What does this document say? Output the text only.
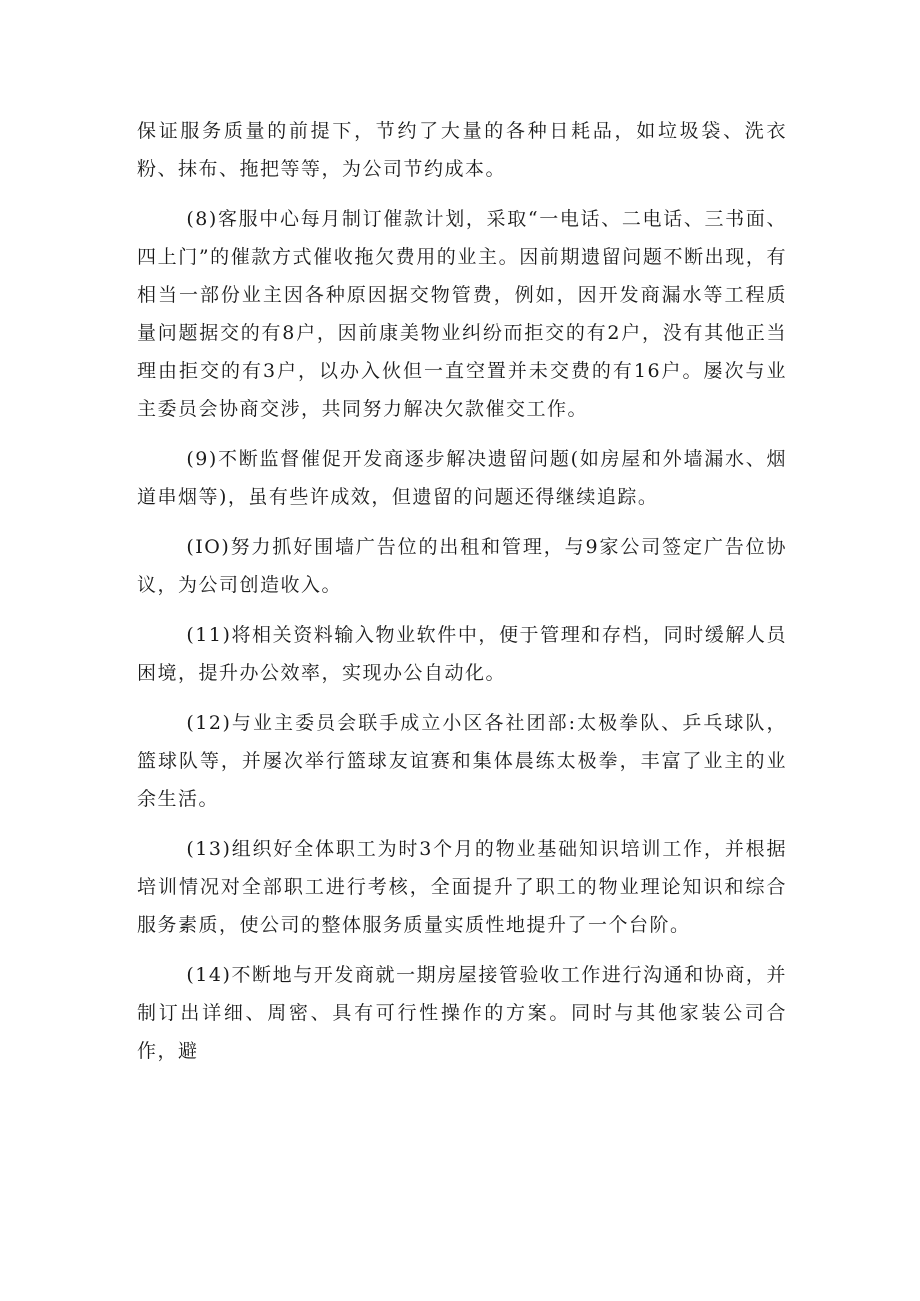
保证服务质量的前提下，节约了大量的各种日耗品，如垃圾袋、洗衣粉、抹布、拖把等等，为公司节约成本。

(8)客服中心每月制订催款计划，采取“一电话、二电话、三书面、四上门”的催款方式催收拖欠费用的业主。因前期遗留问题不断出现，有相当一部份业主因各种原因据交物管费，例如，因开发商漏水等工程质量问题据交的有8户，因前康美物业纠纷而拒交的有2户，没有其他正当理由拒交的有3户，以办入伙但一直空置并未交费的有16户。屡次与业主委员会协商交涉，共同努力解决欠款催交工作。

(9)不断监督催促开发商逐步解决遗留问题(如房屋和外墙漏水、烟道串烟等)，虽有些许成效，但遗留的问题还得继续追踪。

(IO)努力抓好围墙广告位的出租和管理，与9家公司签定广告位协议，为公司创造收入。

(11)将相关资料输入物业软件中，便于管理和存档，同时缓解人员困境，提升办公效率，实现办公自动化。

(12)与业主委员会联手成立小区各社团部:太极拳队、乒乓球队，篮球队等，并屡次举行篮球友谊赛和集体晨练太极拳，丰富了业主的业余生活。

(13)组织好全体职工为时3个月的物业基础知识培训工作，并根据培训情况对全部职工进行考核，全面提升了职工的物业理论知识和综合服务素质，使公司的整体服务质量实质性地提升了一个台阶。

(14)不断地与开发商就一期房屋接管验收工作进行沟通和协商，并制订出详细、周密、具有可行性操作的方案。同时与其他家装公司合作，避
